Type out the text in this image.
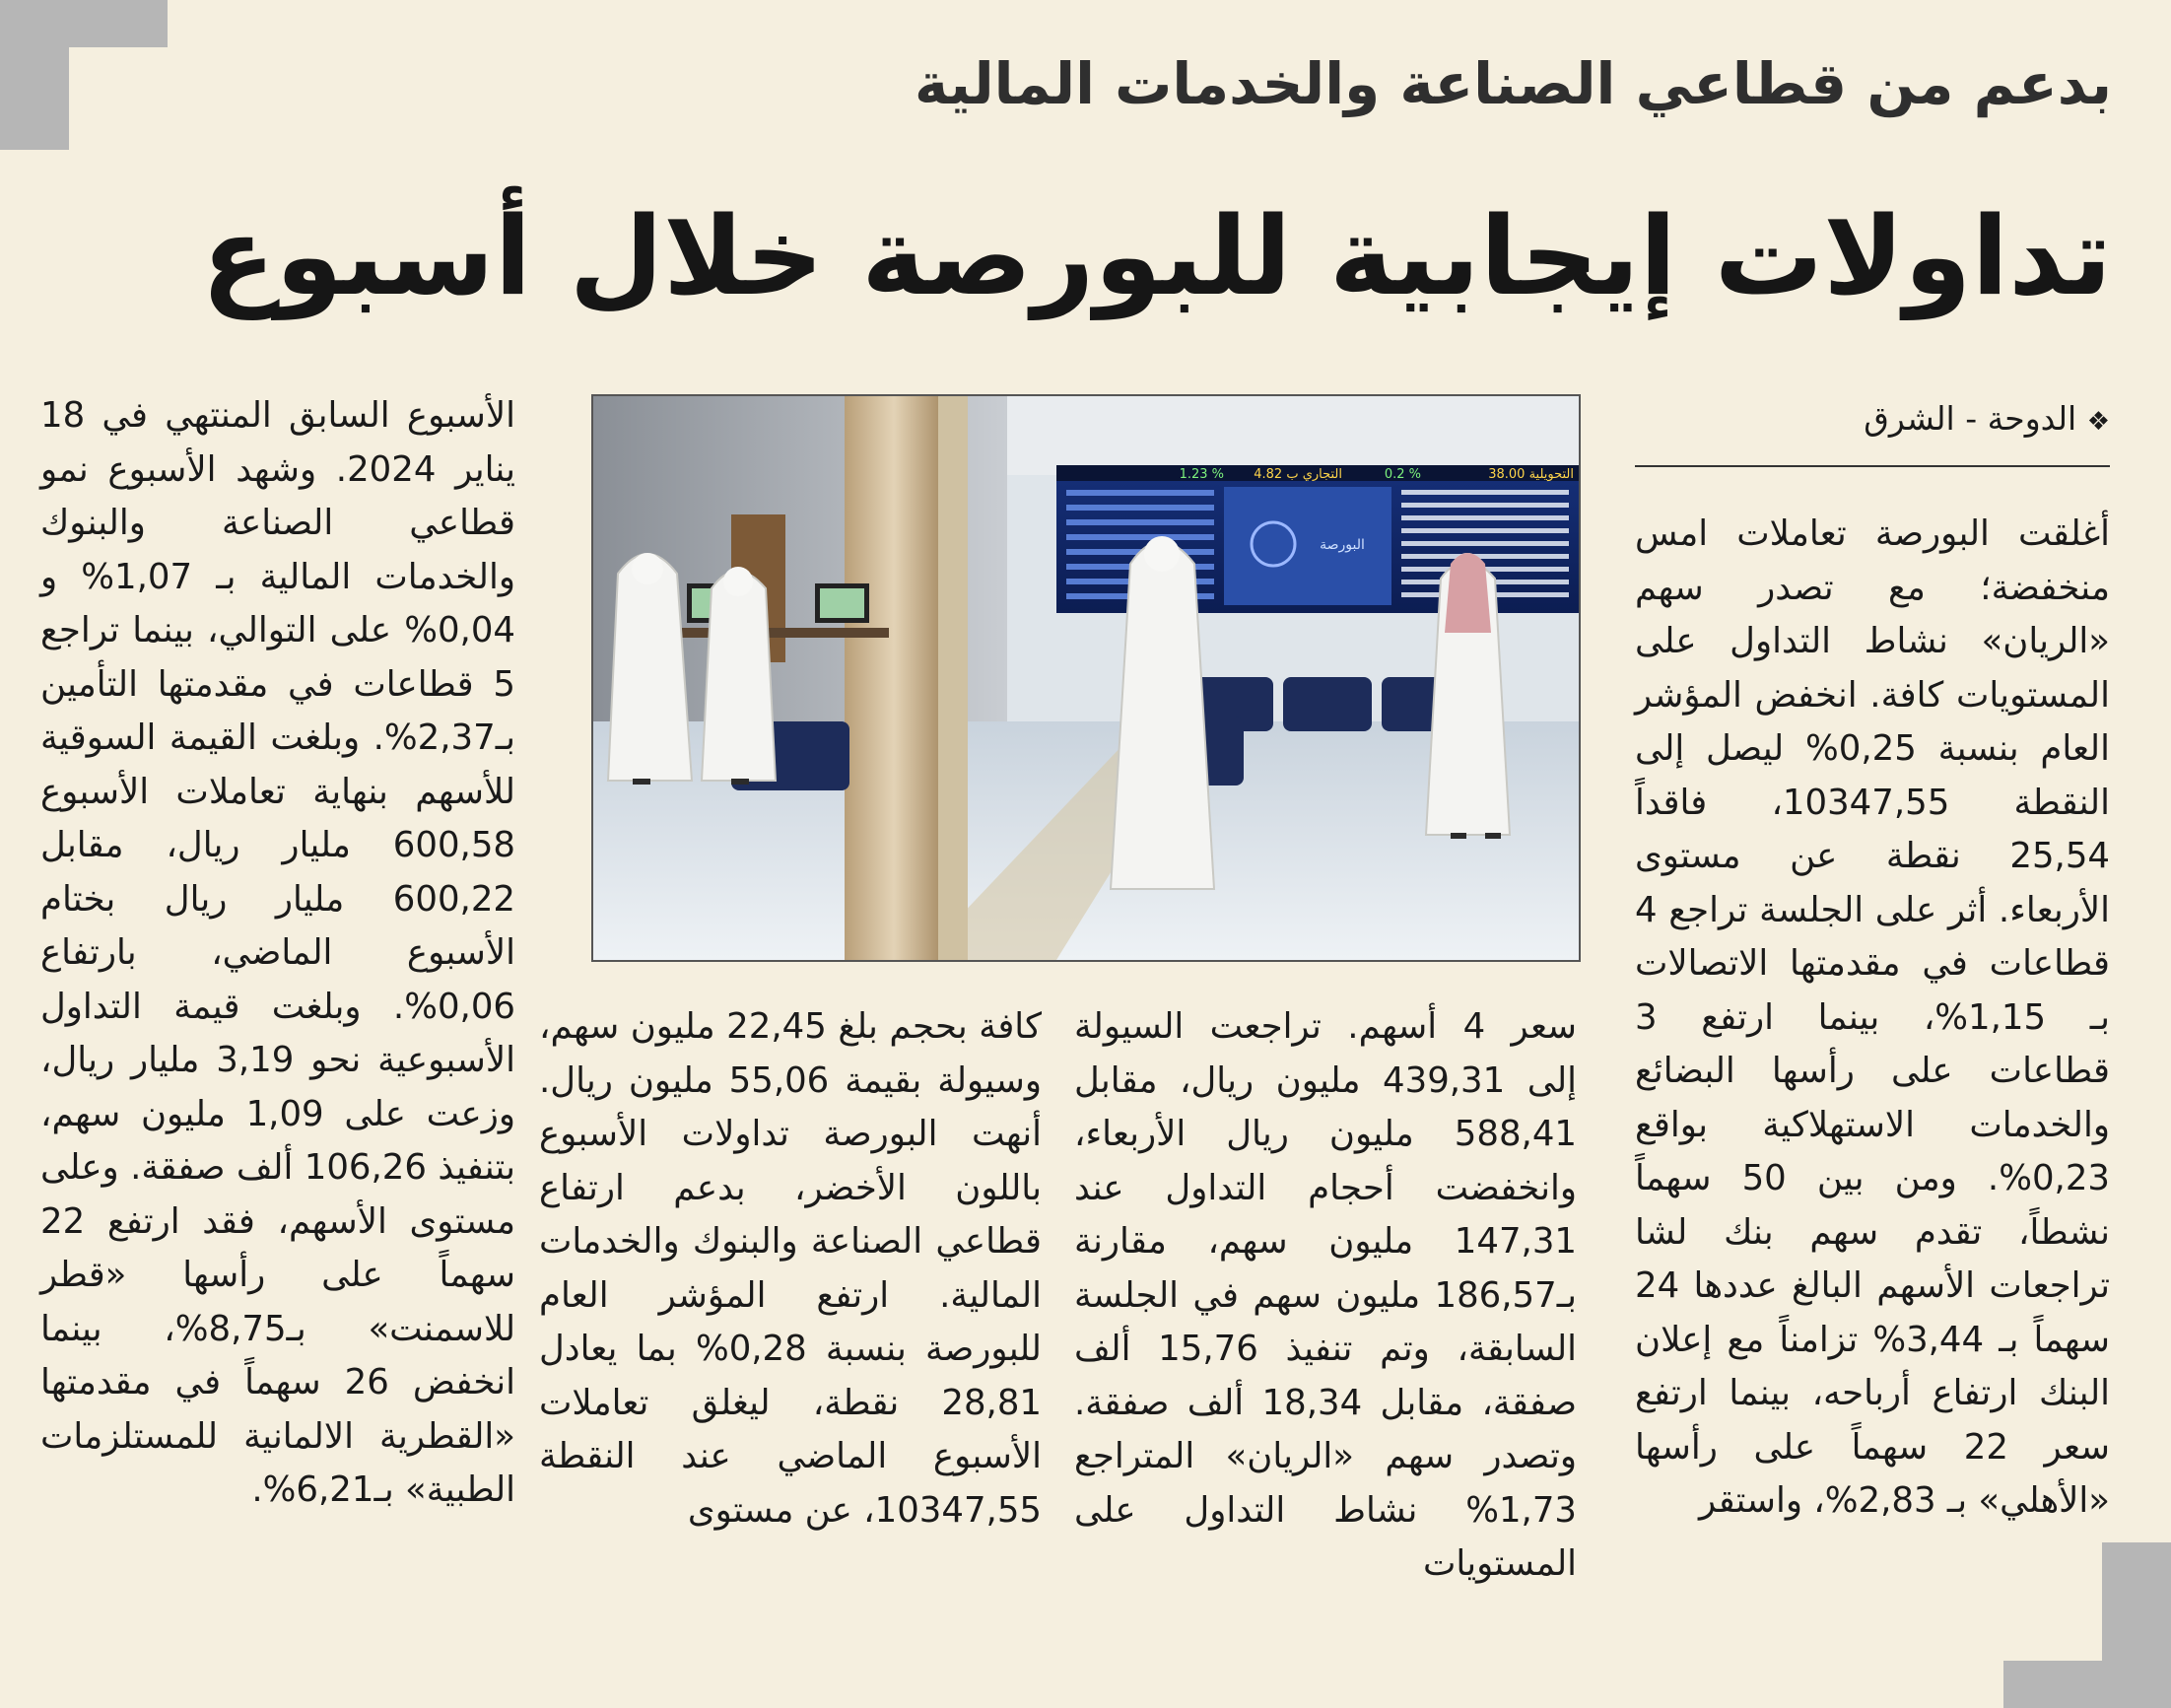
بدعم من قطاعي الصناعة والخدمات المالية
تداولات إيجابية للبورصة خلال أسبوع
❖ الدوحة - الشرق
التحويلية 38.00
0.2 %
التجاري ب 4.82
1.23 %
البورصة	أغلقت البورصة تعاملات امس منخفضة؛ مع تصدر سهم «الريان» نشاط التداول على المستويات كافة. انخفض المؤشر العام بنسبة 0,25% ليصل إلى النقطة 10347,55، فاقداً 25,54 نقطة عن مستوى الأربعاء. أثر على الجلسة تراجع 4 قطاعات في مقدمتها الاتصالات بـ 1,15%، بينما ارتفع 3 قطاعات على رأسها البضائع والخدمات الاستهلاكية بواقع 0,23%. ومن بين 50 سهماً نشطاً، تقدم سهم بنك لشا تراجعات الأسهم البالغ عددها 24 سهماً بـ 3,44% تزامناً مع إعلان البنك ارتفاع أرباحه، بينما ارتفع سعر 22 سهماً على رأسها «الأهلي» بـ 2,83%، واستقر

سعر 4 أسهم. تراجعت السيولة إلى 439,31 مليون ريال، مقابل 588,41 مليون ريال الأربعاء، وانخفضت أحجام التداول عند 147,31 مليون سهم، مقارنة بـ186,57 مليون سهم في الجلسة السابقة، وتم تنفيذ 15,76 ألف صفقة، مقابل 18,34 ألف صفقة. وتصدر سهم «الريان» المتراجع 1,73% نشاط التداول على المستويات

كافة بحجم بلغ 22,45 مليون سهم، وسيولة بقيمة 55,06 مليون ريال. أنهت البورصة تداولات الأسبوع باللون الأخضر، بدعم ارتفاع قطاعي الصناعة والبنوك والخدمات المالية. ارتفع المؤشر العام للبورصة بنسبة 0,28% بما يعادل 28,81 نقطة، ليغلق تعاملات الأسبوع الماضي عند النقطة 10347,55، عن مستوى

الأسبوع السابق المنتهي في 18 يناير 2024. وشهد الأسبوع نمو قطاعي الصناعة والبنوك والخدمات المالية بـ 1,07% و 0,04% على التوالي، بينما تراجع 5 قطاعات في مقدمتها التأمين بـ2,37%. وبلغت القيمة السوقية للأسهم بنهاية تعاملات الأسبوع 600,58 مليار ريال، مقابل 600,22 مليار ريال بختام الأسبوع الماضي، بارتفاع 0,06%. وبلغت قيمة التداول الأسبوعية نحو 3,19 مليار ريال، وزعت على 1,09 مليون سهم، بتنفيذ 106,26 ألف صفقة. وعلى مستوى الأسهم، فقد ارتفع 22 سهماً على رأسها «قطر للاسمنت» بـ8,75%، بينما انخفض 26 سهماً في مقدمتها «القطرية الالمانية للمستلزمات الطبية» بـ6,21%.
